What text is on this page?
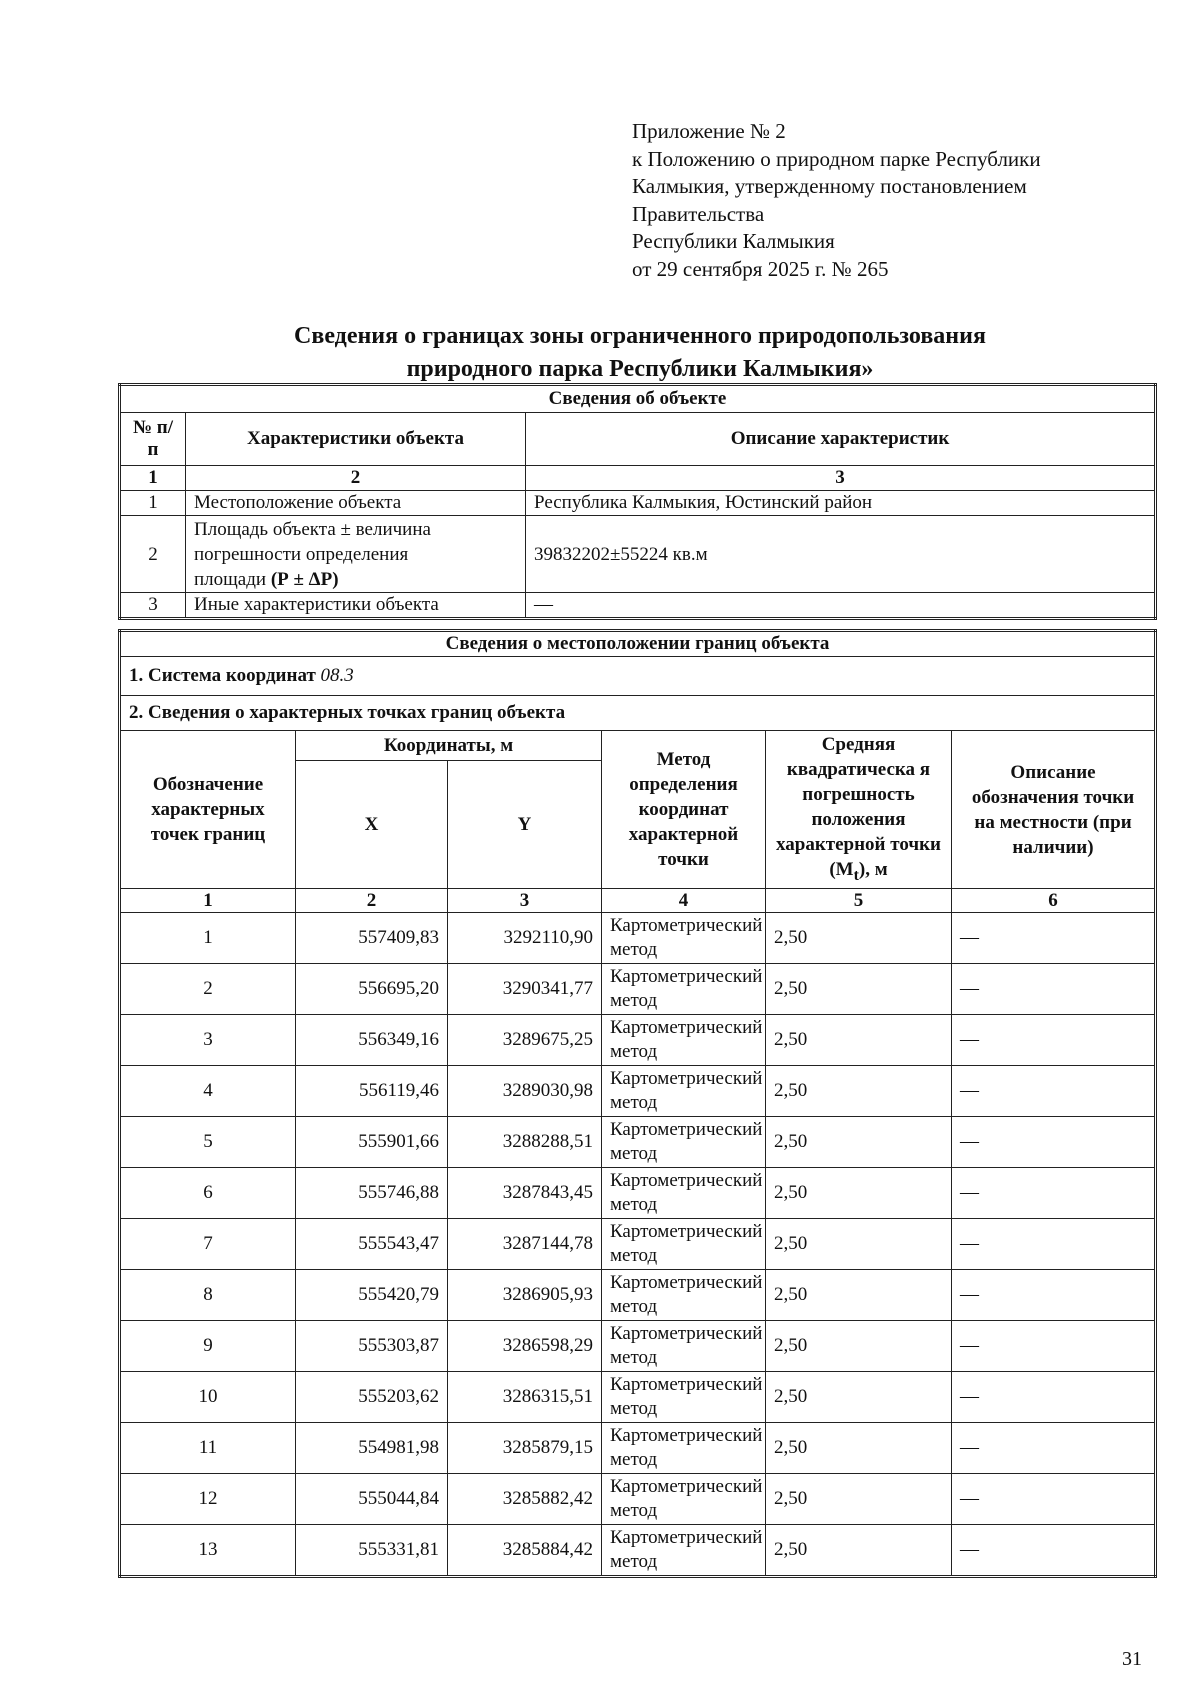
Приложение № 2
к Положению о природном парке Республики
Калмыкия, утвержденному постановлением
Правительства
Республики Калмыкия
от 29 сентября 2025 г. № 265
Сведения о границах зоны ограниченного природопользования
природного парка Республики Калмыкия»
Сведения об объекте		
№ п/п	Характеристики объекта	Описание характеристик
1	2	3
1	Местоположение объекта	Республика Калмыкия, Юстинский район
2	Площадь объекта ± величина
погрешности определения
площади (Р ± ΔР)	39832202±55224 кв.м
3	Иные характеристики объекта	—
Сведения о местоположении границ объекта					
1. Система координат 08.3					
2. Сведения о характерных точках границ объекта					
Обозначение характерных точек границ	Координаты, м		Метод определения координат характерной точки	Средняя квадратическа я погрешность положения характерной точки $(M_t)$, м	Описание обозначения точки на местности (при наличии)
	X	Y			
1	2	3	4	5	6
1	557409,83	3292110,90	Картометрический метод	2,50	—
2	556695,20	3290341,77	Картометрический метод	2,50	—
3	556349,16	3289675,25	Картометрический метод	2,50	—
4	556119,46	3289030,98	Картометрический метод	2,50	—
5	555901,66	3288288,51	Картометрический метод	2,50	—
6	555746,88	3287843,45	Картометрический метод	2,50	—
7	555543,47	3287144,78	Картометрический метод	2,50	—
8	555420,79	3286905,93	Картометрический метод	2,50	—
9	555303,87	3286598,29	Картометрический метод	2,50	—
10	555203,62	3286315,51	Картометрический метод	2,50	—
11	554981,98	3285879,15	Картометрический метод	2,50	—
12	555044,84	3285882,42	Картометрический метод	2,50	—
13	555331,81	3285884,42	Картометрический метод	2,50	—
31
